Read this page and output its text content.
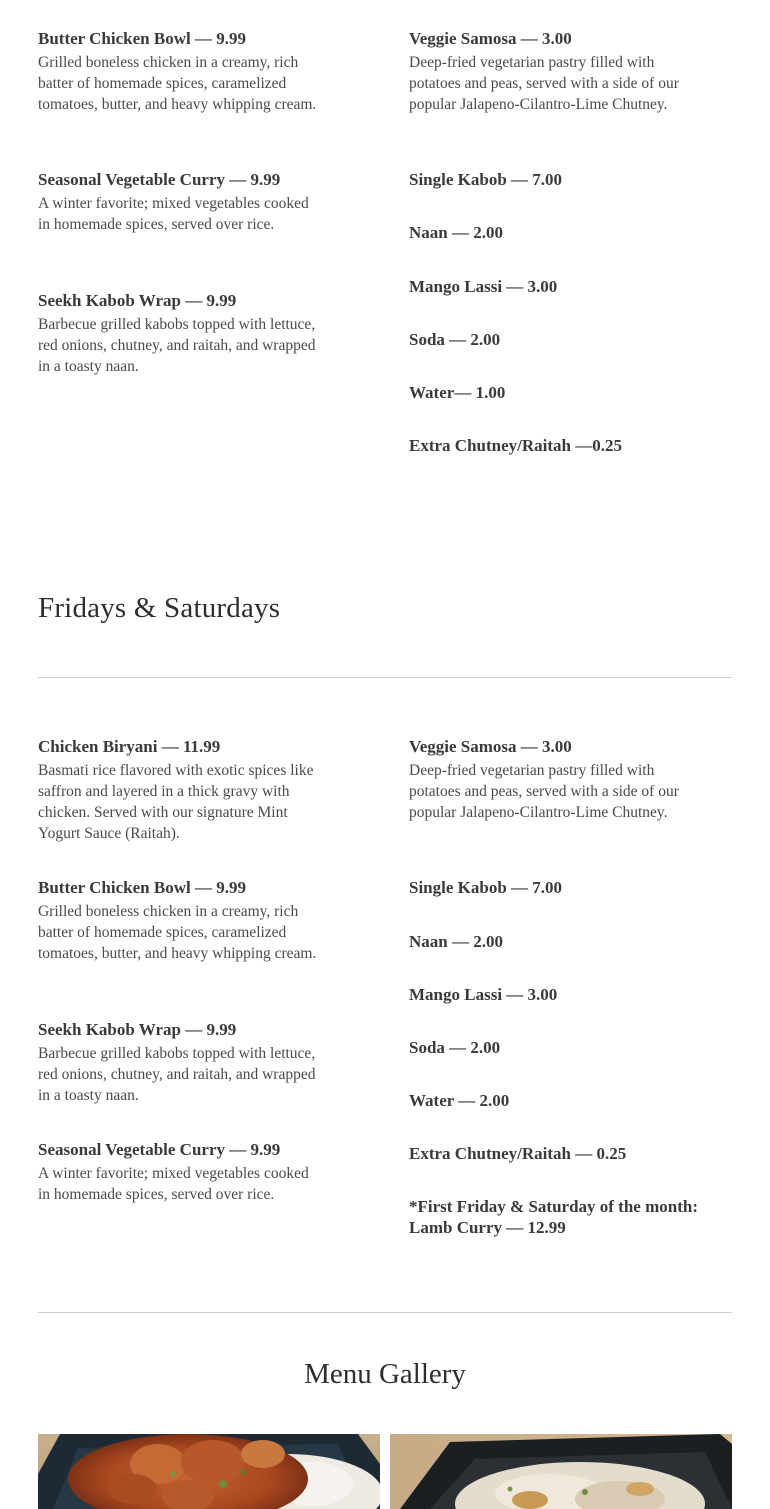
Butter Chicken Bowl — 9.99
Grilled boneless chicken in a creamy, rich batter of homemade spices, caramelized tomatoes, butter, and heavy whipping cream.
Seasonal Vegetable Curry — 9.99
A winter favorite; mixed vegetables cooked in homemade spices, served over rice.
Seekh Kabob Wrap — 9.99
Barbecue grilled kabobs topped with lettuce, red onions, chutney, and raitah, and wrapped in a toasty naan.
Veggie Samosa — 3.00
Deep-fried vegetarian pastry filled with potatoes and peas, served with a side of our popular Jalapeno-Cilantro-Lime Chutney.
Single Kabob — 7.00
Naan — 2.00
Mango Lassi — 3.00
Soda — 2.00
Water— 1.00
Extra Chutney/Raitah —0.25
Fridays & Saturdays
Chicken Biryani — 11.99
Basmati rice flavored with exotic spices like saffron and layered in a thick gravy with chicken. Served with our signature Mint Yogurt Sauce (Raitah).
Butter Chicken Bowl — 9.99
Grilled boneless chicken in a creamy, rich batter of homemade spices, caramelized tomatoes, butter, and heavy whipping cream.
Seekh Kabob Wrap — 9.99
Barbecue grilled kabobs topped with lettuce, red onions, chutney, and raitah, and wrapped in a toasty naan.
Seasonal Vegetable Curry — 9.99
A winter favorite; mixed vegetables cooked in homemade spices, served over rice.
Veggie Samosa — 3.00
Deep-fried vegetarian pastry filled with potatoes and peas, served with a side of our popular Jalapeno-Cilantro-Lime Chutney.
Single Kabob — 7.00
Naan — 2.00
Mango Lassi — 3.00
Soda — 2.00
Water — 2.00
Extra Chutney/Raitah — 0.25
*First Friday & Saturday of the month: Lamb Curry — 12.99
Menu Gallery
